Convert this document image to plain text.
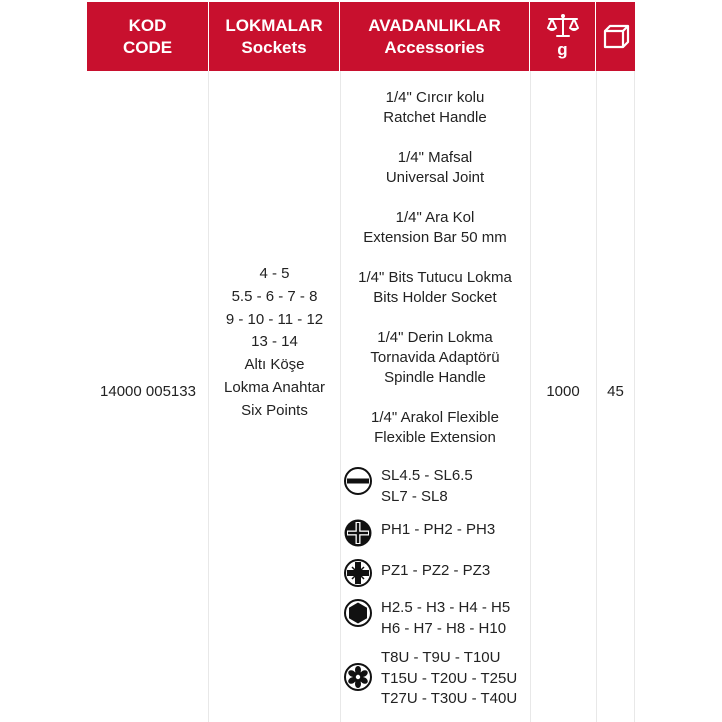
KOD
CODE
LOKMALAR
Sockets
AVADANLIKLAR
Accessories	g
14000 005133
4 - 5
5.5 - 6 - 7 - 8
9 - 10 - 11 - 12
13 - 14
Altı Köşe
Lokma Anahtar
Six Points
1/4" Cırcır kolu
Ratchet Handle
1/4" Mafsal
Universal Joint
1/4" Ara Kol
Extension Bar 50 mm
1/4" Bits Tutucu Lokma
Bits Holder Socket
1/4" Derin Lokma
Tornavida Adaptörü
Spindle Handle
1/4" Arakol Flexible
Flexible Extension
SL4.5 - SL6.5
SL7 - SL8
PH1 - PH2 - PH3
PZ1 - PZ2 - PZ3
H2.5 - H3 - H4 - H5
H6 - H7 - H8 - H10
T8U - T9U - T10U
T15U - T20U - T25U
T27U - T30U - T40U
1000	45
